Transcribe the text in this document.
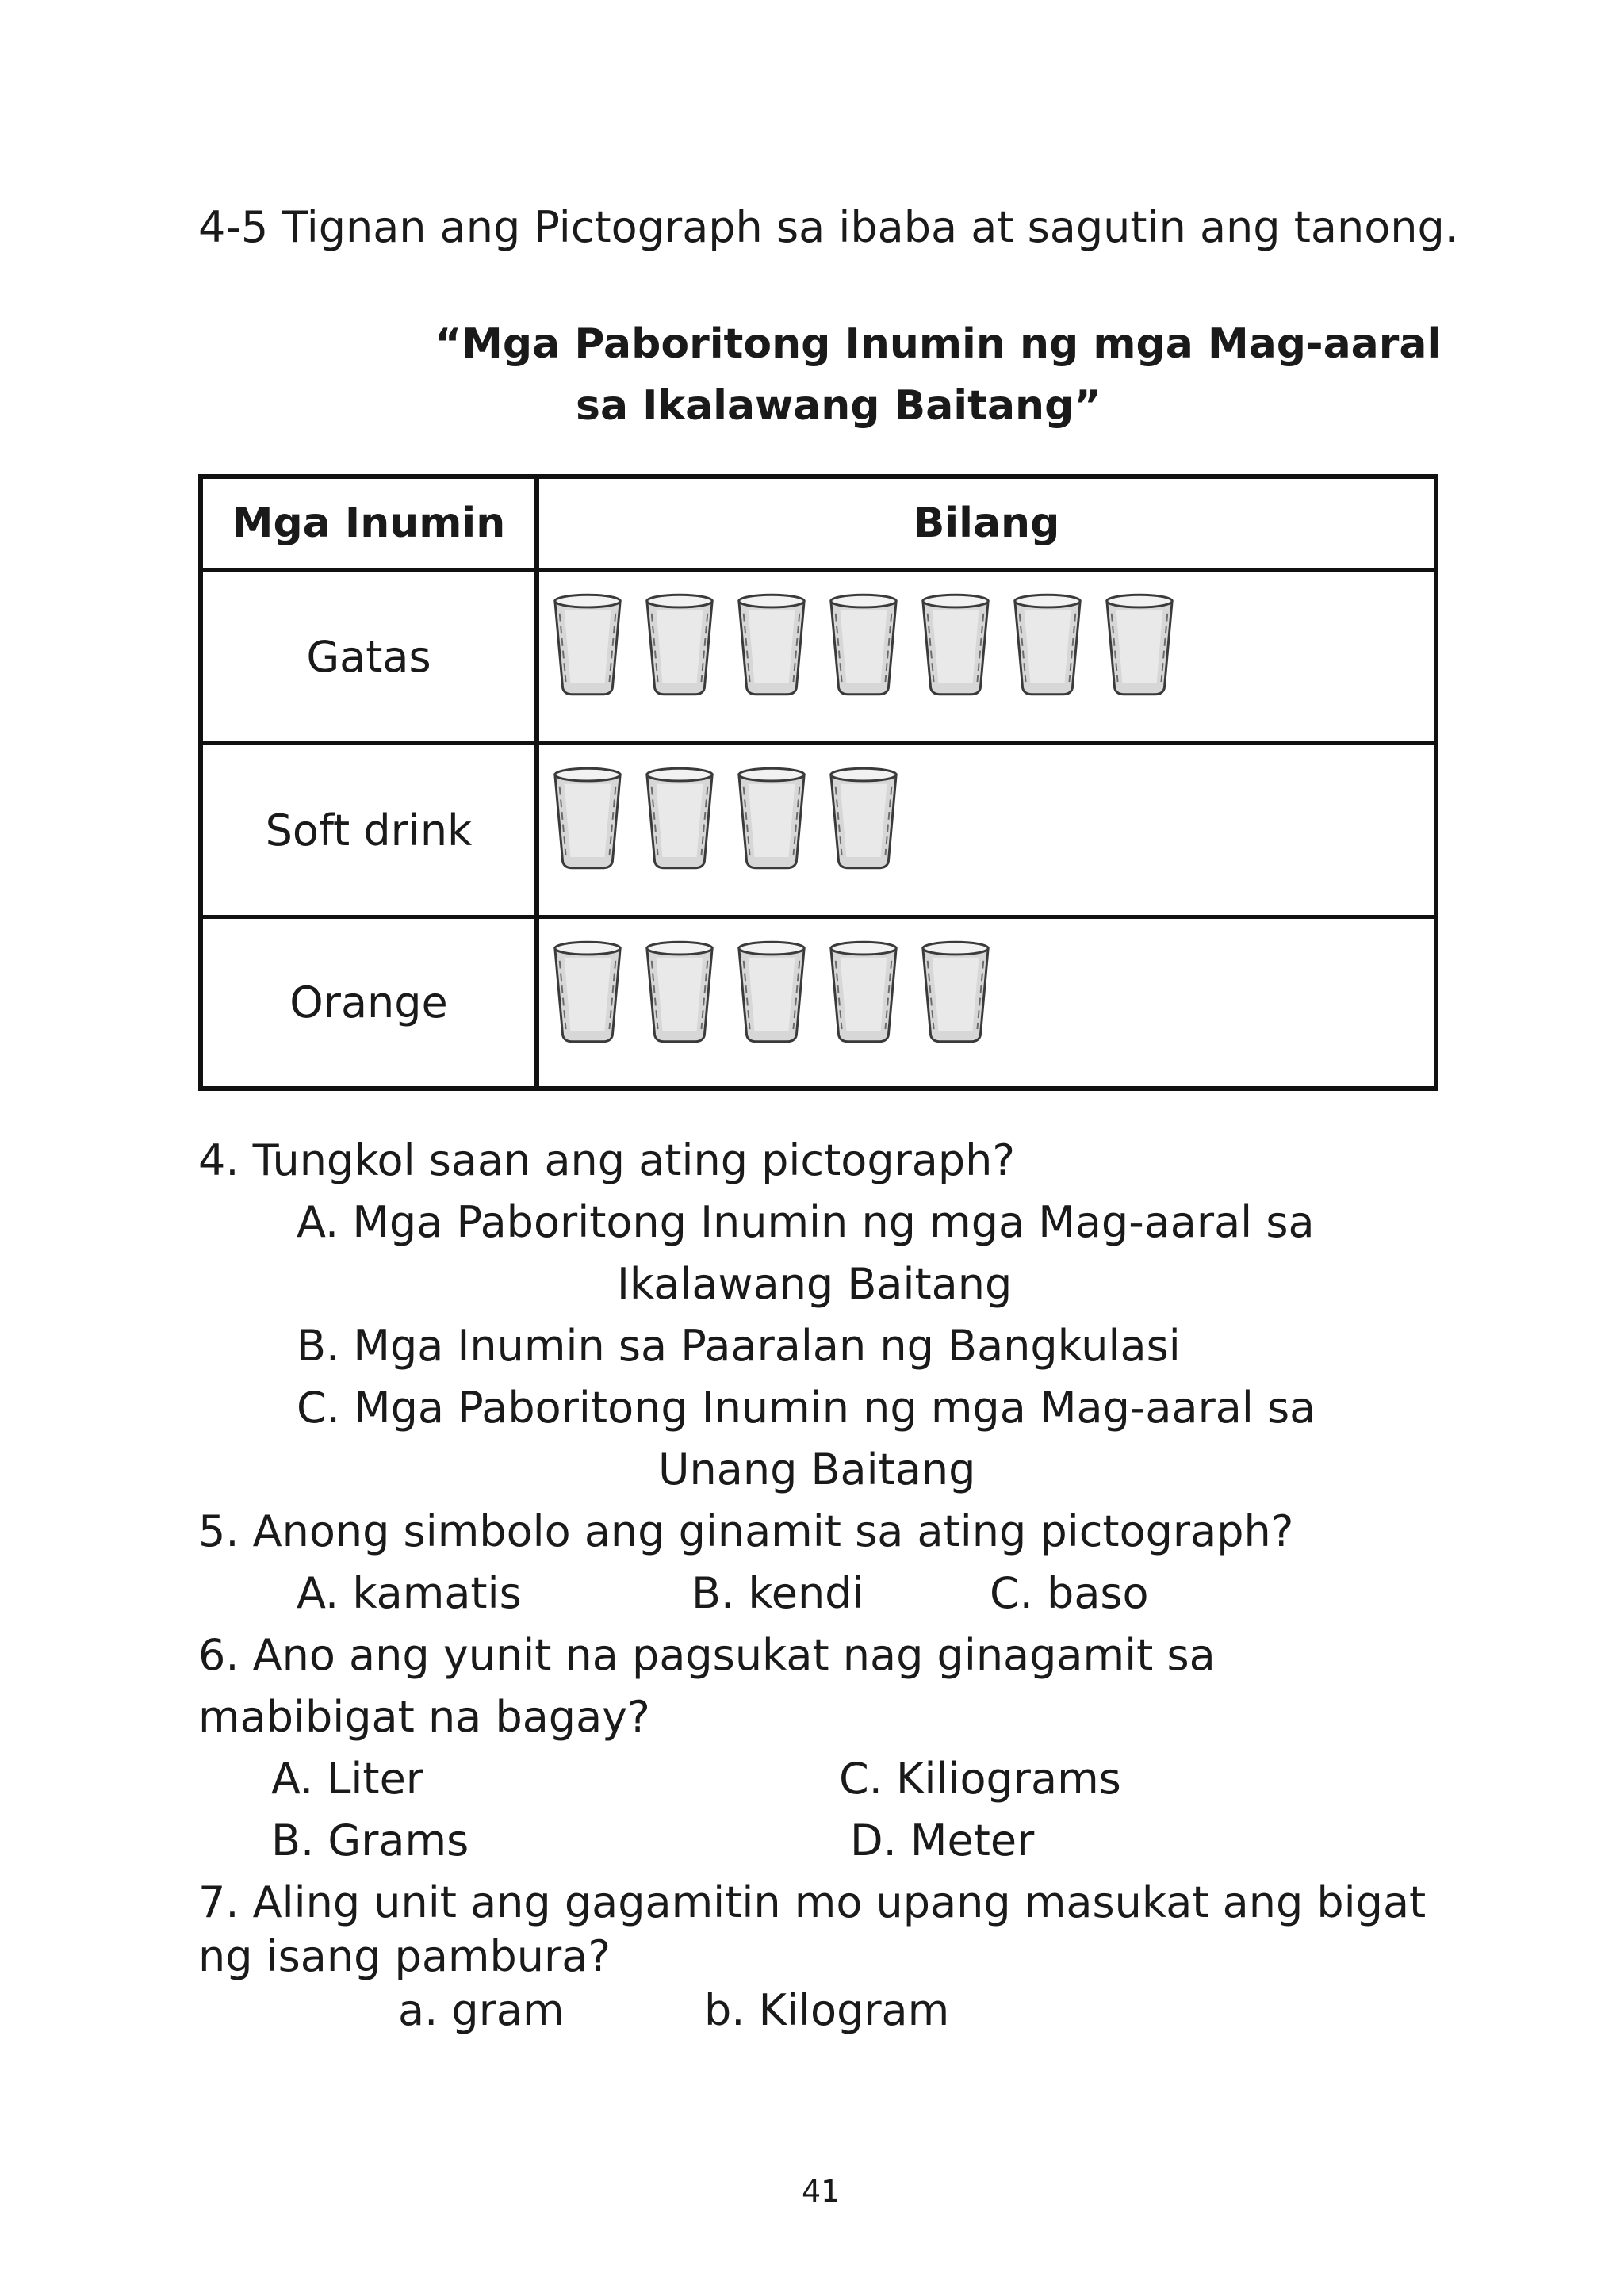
4-5 Tignan ang Pictograph sa ibaba at sagutin ang tanong.
“Mga Paboritong Inumin ng mga Mag-aaral
sa Ikalawang Baitang”
Mga Inumin	Bilang
Gatas
Soft drink
Orange
4. Tungkol saan ang ating pictograph?
A. Mga Paboritong Inumin ng mga Mag-aaral sa
Ikalawang Baitang
B. Mga Inumin sa Paaralan ng Bangkulasi
C. Mga Paboritong Inumin ng mga Mag-aaral sa
Unang Baitang
5. Anong simbolo ang ginamit sa ating pictograph?
A. kamatis	B. kendi	C. baso
6. Ano ang yunit na pagsukat nag ginagamit sa
mabibigat na bagay?
A. Liter	C. Kiliograms
B. Grams	D. Meter
7. Aling unit ang gagamitin mo upang masukat ang bigat
ng isang pambura?
a. gram	b. Kilogram
41
